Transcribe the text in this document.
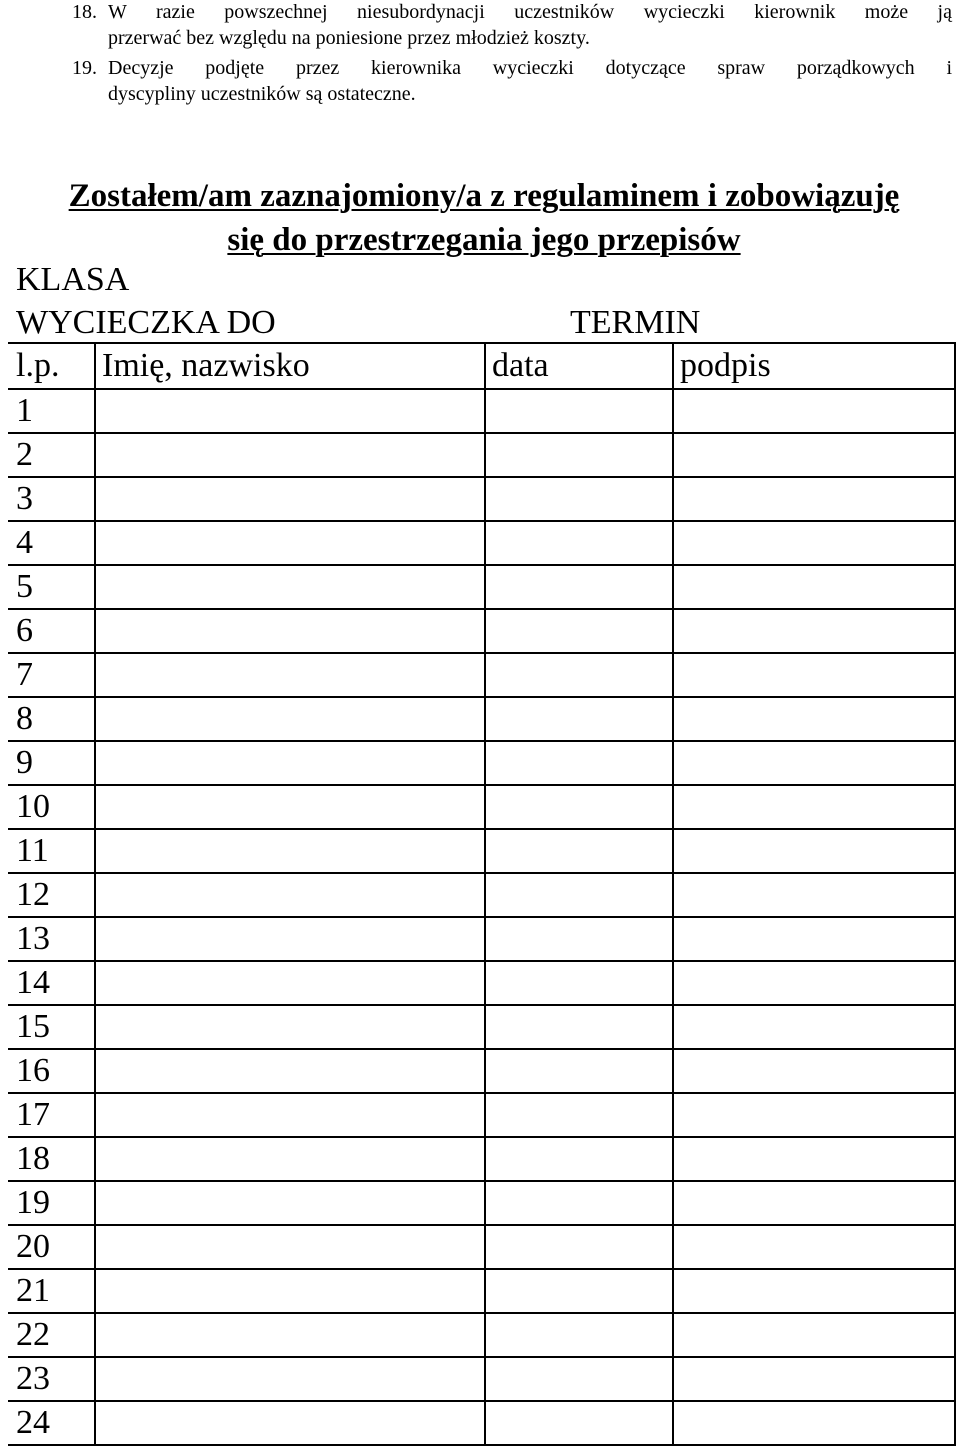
18. W razie powszechnej niesubordynacji uczestników wycieczki kierownik może ją
przerwać bez względu na poniesione przez młodzież koszty.
19. Decyzje podjęte przez kierownika wycieczki dotyczące spraw porządkowych i
dyscypliny uczestników są ostateczne.
Zostałem/am zaznajomiony/a z regulaminem i zobowiązuję
się do przestrzegania jego przepisów
KLASA
WYCIECZKA DO	TERMIN
l.p.	Imię, nazwisko	data	podpis
1			
2			
3			
4			
5			
6			
7			
8			
9			
10			
11			
12			
13			
14			
15			
16			
17			
18			
19			
20			
21			
22			
23			
24			
